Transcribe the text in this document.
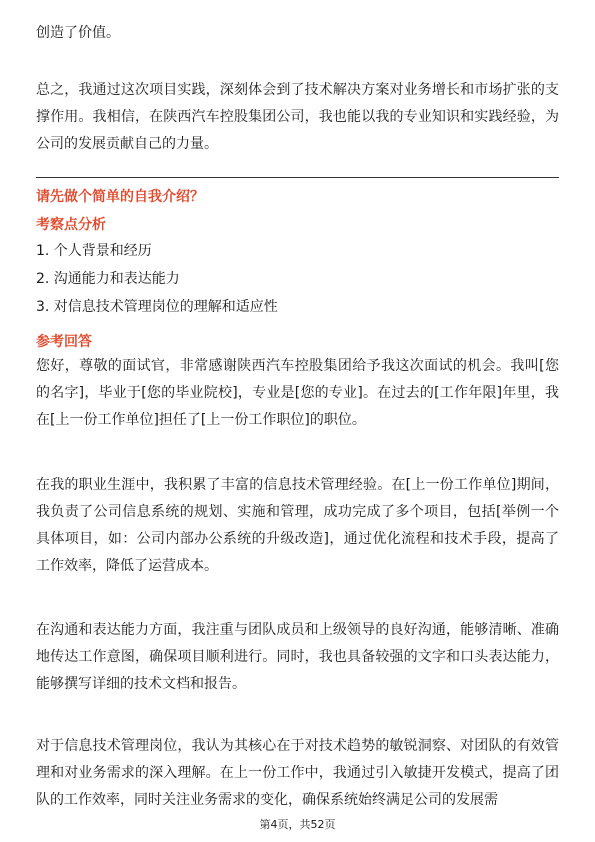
创造了价值。

总之，我通过这次项目实践，深刻体会到了技术解决方案对业务增长和市场扩张的支撑作用。我相信，在陕西汽车控股集团公司，我也能以我的专业知识和实践经验，为公司的发展贡献自己的力量。

请先做个简单的自我介绍？
考察点分析
1. 个人背景和经历
2. 沟通能力和表达能力
3. 对信息技术管理岗位的理解和适应性
参考回答

您好，尊敬的面试官，非常感谢陕西汽车控股集团给予我这次面试的机会。我叫[您的名字]，毕业于[您的毕业院校]，专业是[您的专业]。在过去的[工作年限]年里，我在[上一份工作单位]担任了[上一份工作职位]的职位。

在我的职业生涯中，我积累了丰富的信息技术管理经验。在[上一份工作单位]期间，我负责了公司信息系统的规划、实施和管理，成功完成了多个项目，包括[举例一个具体项目，如：公司内部办公系统的升级改造]，通过优化流程和技术手段，提高了工作效率，降低了运营成本。

在沟通和表达能力方面，我注重与团队成员和上级领导的良好沟通，能够清晰、准确地传达工作意图，确保项目顺利进行。同时，我也具备较强的文字和口头表达能力，能够撰写详细的技术文档和报告。

对于信息技术管理岗位，我认为其核心在于对技术趋势的敏锐洞察、对团队的有效管理和对业务需求的深入理解。在上一份工作中，我通过引入敏捷开发模式，提高了团队的工作效率，同时关注业务需求的变化，确保系统始终满足公司的发展需

第4页，共52页
